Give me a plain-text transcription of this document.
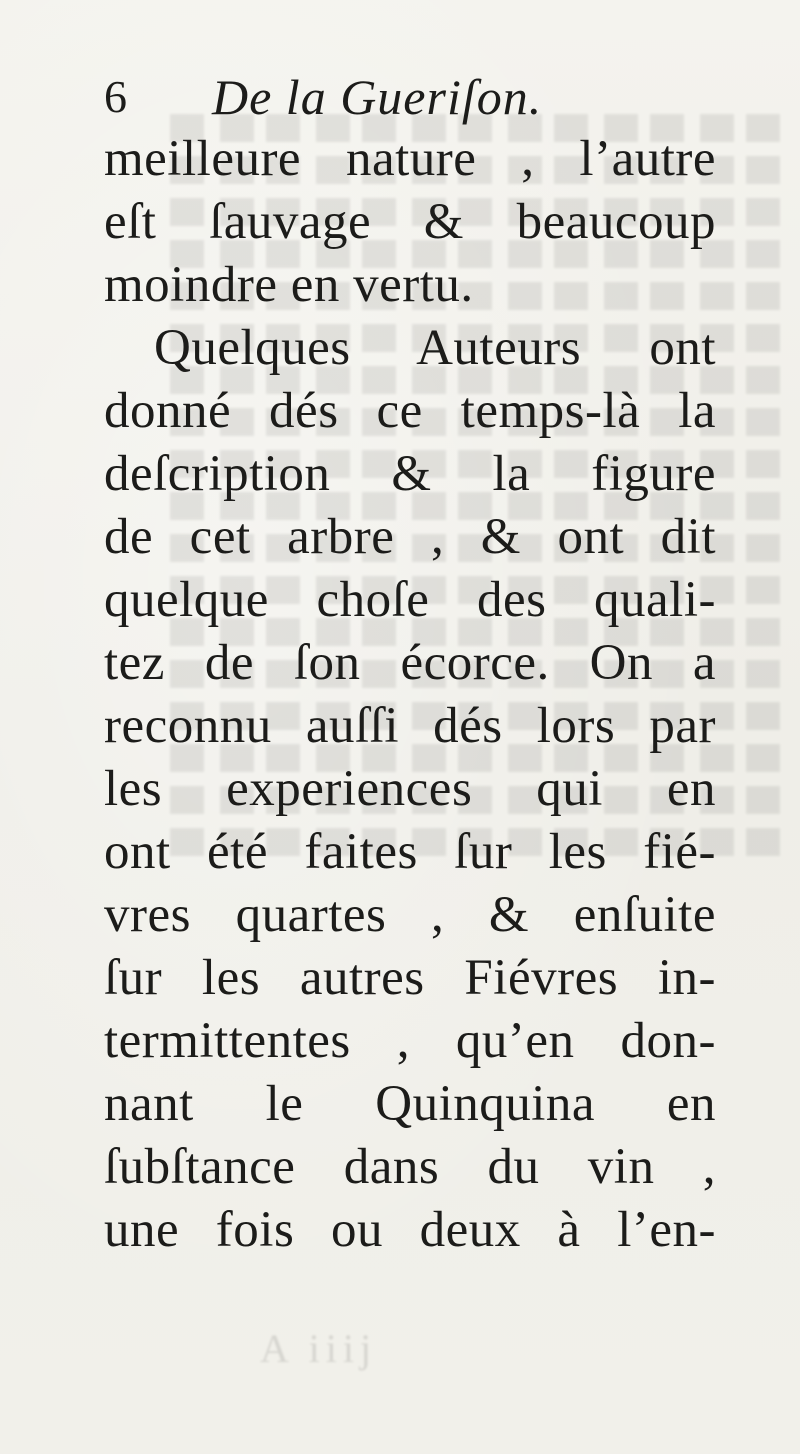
6 De la Gueriſon.
meilleure nature , l’autre
eſt ſauvage & beaucoup
moindre en vertu.
Quelques Auteurs ont
donné dés ce temps-là la
deſcription & la figure
de cet arbre , & ont dit
quelque choſe des quali-
tez de ſon écorce. On a
reconnu auſſi dés lors par
les experiences qui en
ont été faites ſur les fié-
vres quartes , & enſuite
ſur les autres Fiévres in-
termittentes , qu’en don-
nant le Quinquina en
ſubſtance dans du vin ,
une fois ou deux à l’en-
A iiij
